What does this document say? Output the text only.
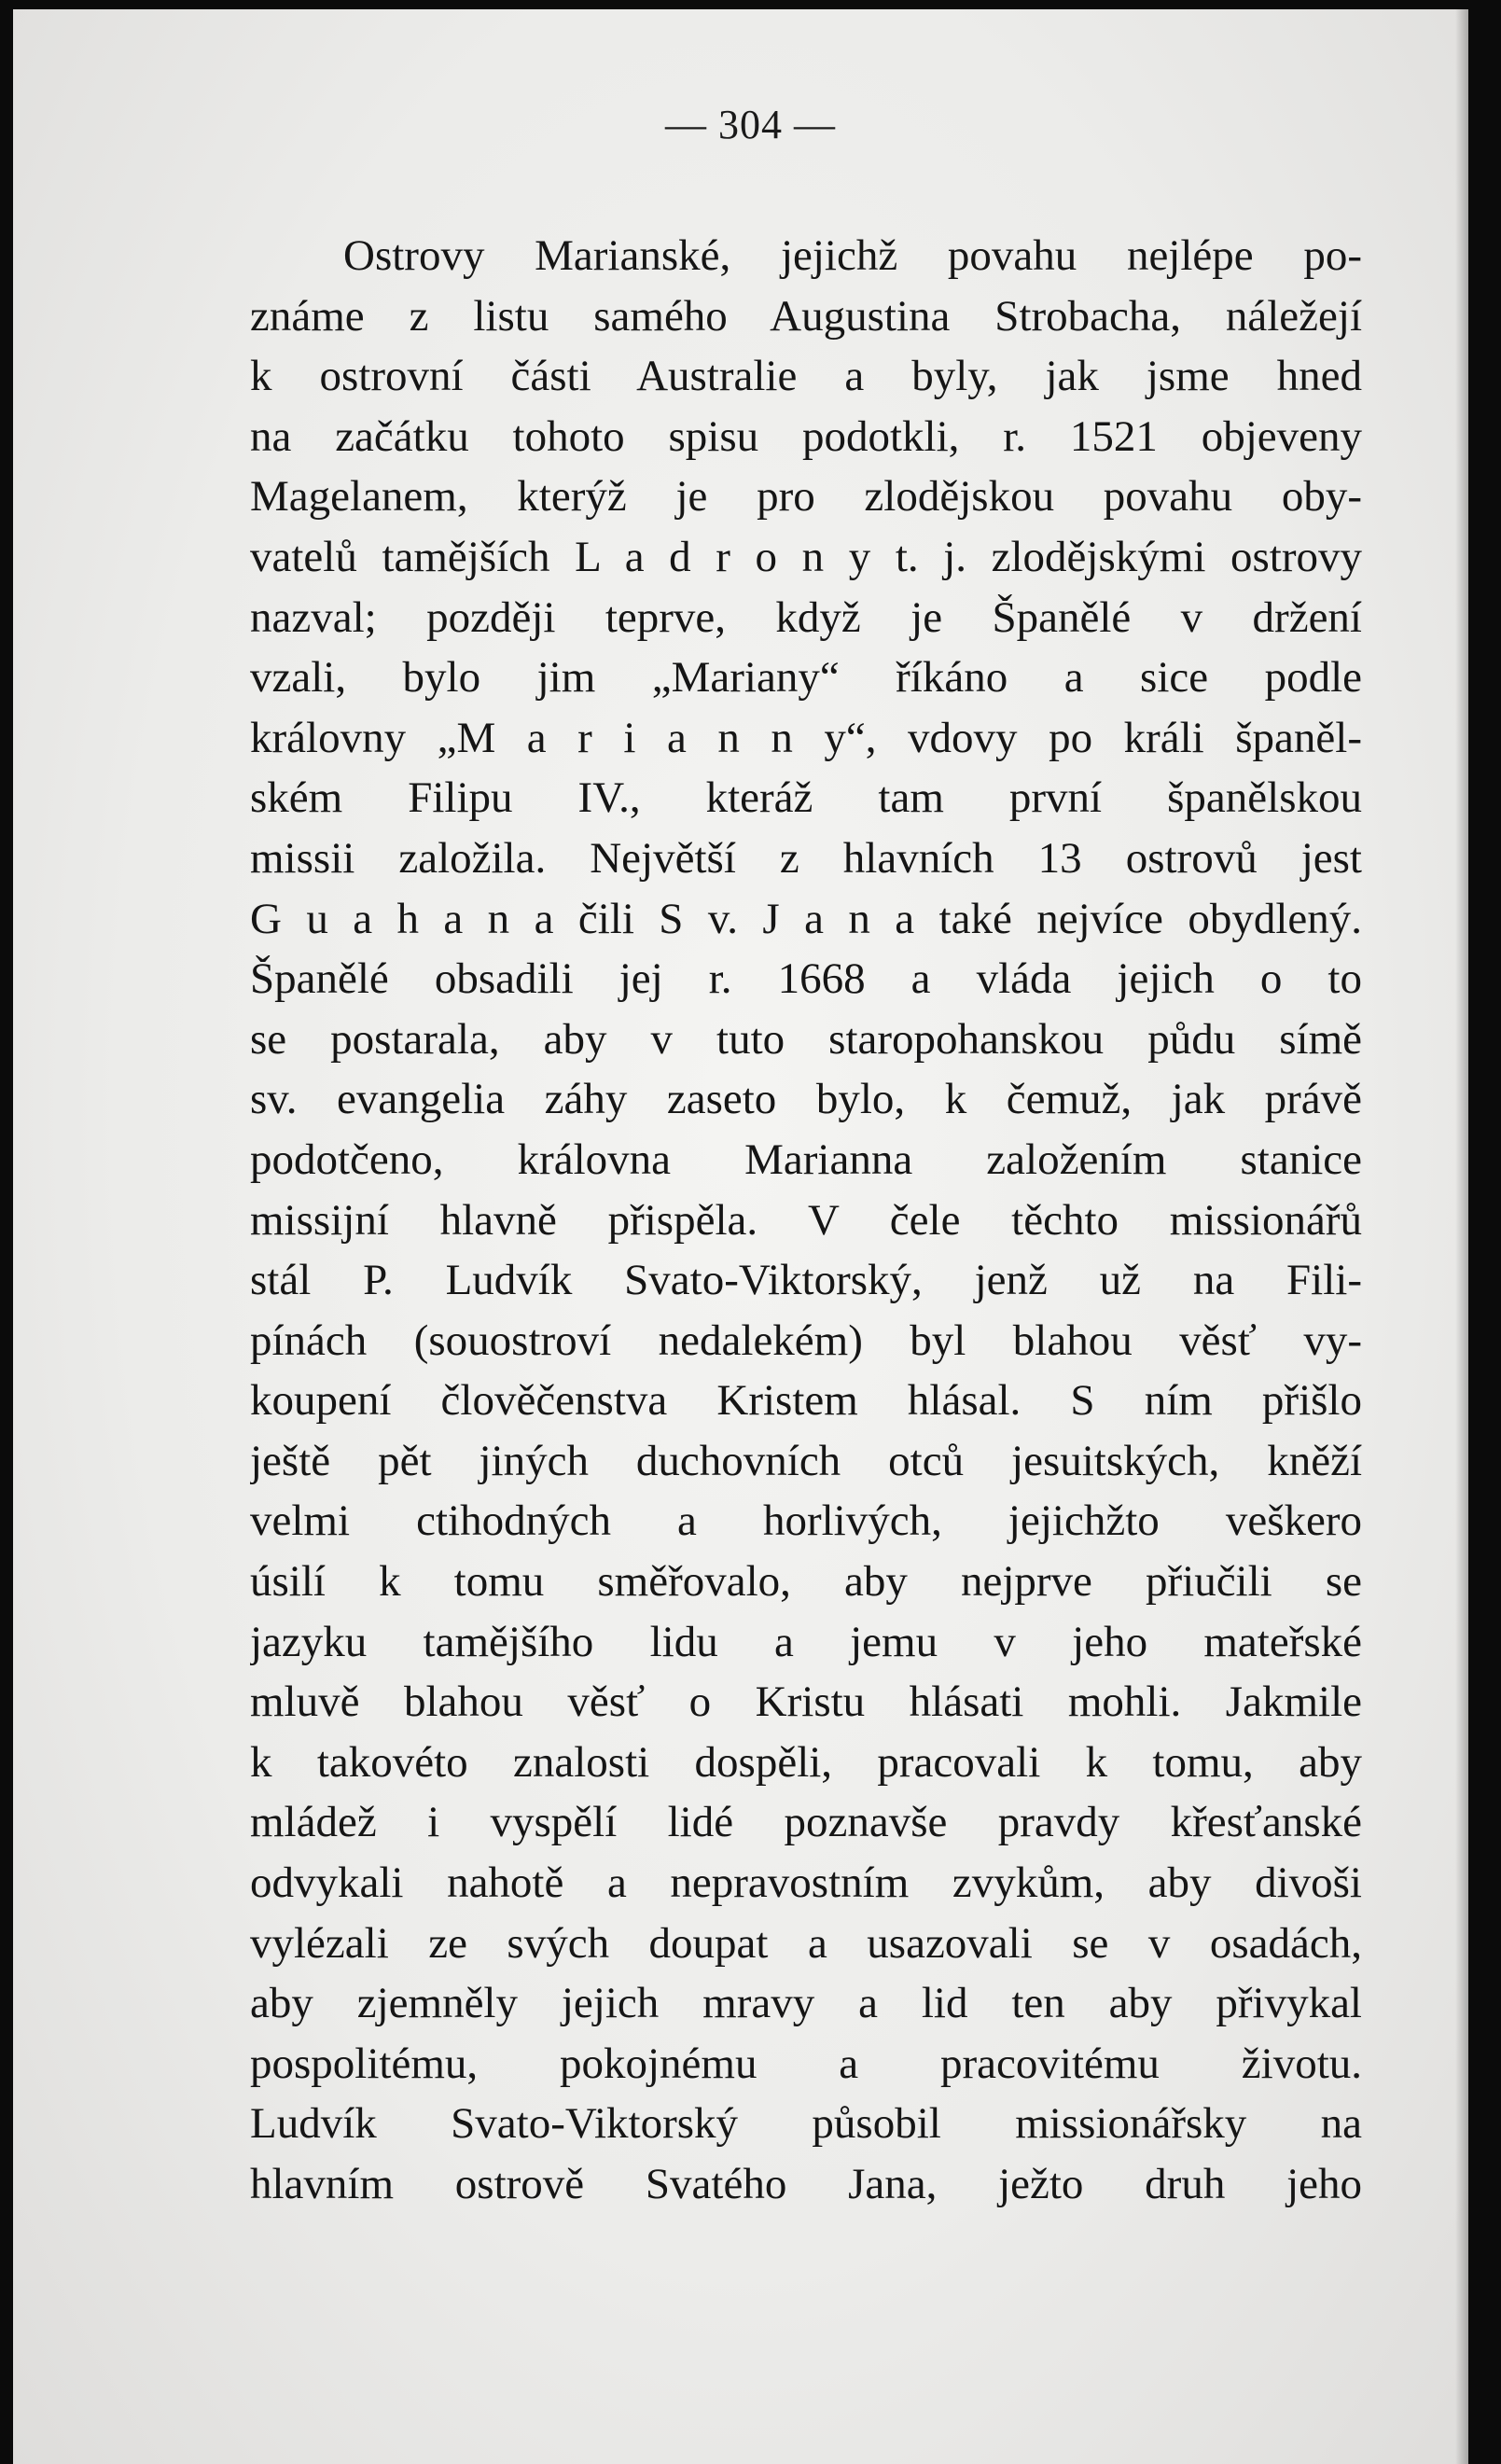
— 304 —
Ostrovy Marianské, jejichž povahu nejlépe po-
známe z listu samého Augustina Strobacha, náležejí
k ostrovní části Australie a byly, jak jsme hned
na začátku tohoto spisu podotkli, r. 1521 objeveny
Magelanem, kterýž je pro zlodějskou povahu oby-
vatelů tamějších L a d r o n y t. j. zlodějskými ostrovy
nazval; později teprve, když je Španělé v držení
vzali, bylo jim „Mariany“ říkáno a sice podle
královny „M a r i a n n y“, vdovy po králi španěl-
ském Filipu IV., kteráž tam první španělskou
missii založila. Největší z hlavních 13 ostrovů jest
G u a h a n a čili S v. J a n a také nejvíce obydlený.
Španělé obsadili jej r. 1668 a vláda jejich o to
se postarala, aby v tuto staropohanskou půdu símě
sv. evangelia záhy zaseto bylo, k čemuž, jak právě
podotčeno, královna Marianna založením stanice
missijní hlavně přispěla. V čele těchto missionářů
stál P. Ludvík Svato-Viktorský, jenž už na Fili-
pínách (souostroví nedalekém) byl blahou věsť vy-
koupení člověčenstva Kristem hlásal. S ním přišlo
ještě pět jiných duchovních otců jesuitských, kněží
velmi ctihodných a horlivých, jejichžto veškero
úsilí k tomu směřovalo, aby nejprve přiučili se
jazyku tamějšího lidu a jemu v jeho mateřské
mluvě blahou věsť o Kristu hlásati mohli. Jakmile
k takovéto znalosti dospěli, pracovali k tomu, aby
mládež i vyspělí lidé poznavše pravdy křesťanské
odvykali nahotě a nepravostním zvykům, aby divoši
vylézali ze svých doupat a usazovali se v osadách,
aby zjemněly jejich mravy a lid ten aby přivykal
pospolitému, pokojnému a pracovitému životu.
Ludvík Svato-Viktorský působil missionářsky na
hlavním ostrově Svatého Jana, ježto druh jeho
